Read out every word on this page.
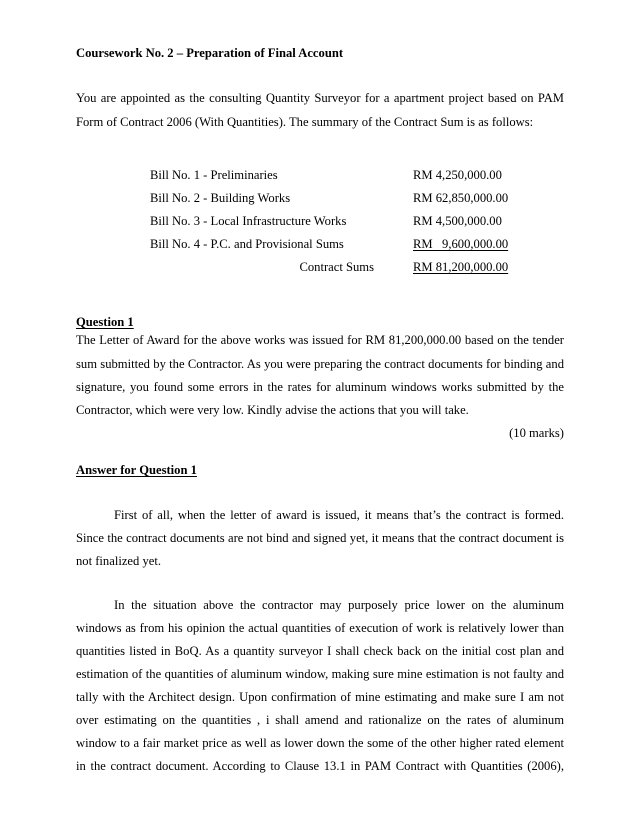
Coursework No. 2 – Preparation of Final Account
You are appointed as the consulting Quantity Surveyor for a apartment project based on PAM
Form of Contract 2006 (With Quantities). The summary of the Contract Sum is as follows:
Bill No. 1 - Preliminaries	RM 4,250,000.00
Bill No. 2 - Building Works	RM 62,850,000.00
Bill No. 3 - Local Infrastructure Works	RM 4,500,000.00
Bill No. 4 - P.C. and Provisional Sums	RM   9,600,000.00
Contract Sums	RM 81,200,000.00
Question 1
The Letter of Award for the above works was issued for RM 81,200,000.00 based on the tender
sum submitted by the Contractor. As you were preparing the contract documents for binding and
signature, you found some errors in the rates for aluminum windows works submitted by the
Contractor, which were very low. Kindly advise the actions that you will take.
(10 marks)
Answer for Question 1
First of all, when the letter of award is issued, it means that’s the contract is formed.
Since the contract documents are not bind and signed yet, it means that the contract document is
not finalized yet.
In the situation above the contractor may purposely price lower on the aluminum
windows as from his opinion the actual quantities of execution of work is relatively lower than
quantities listed in BoQ. As a quantity surveyor I shall check back on the initial cost plan and
estimation of the quantities of aluminum window, making sure mine estimation is not faulty and
tally with the Architect design. Upon confirmation of mine estimating and make sure I am not
over estimating on the quantities , i shall amend and rationalize on the rates of aluminum
window to a fair market price as well as lower down the some of the other higher rated element
in the contract document. According to Clause 13.1 in PAM Contract with Quantities (2006),
